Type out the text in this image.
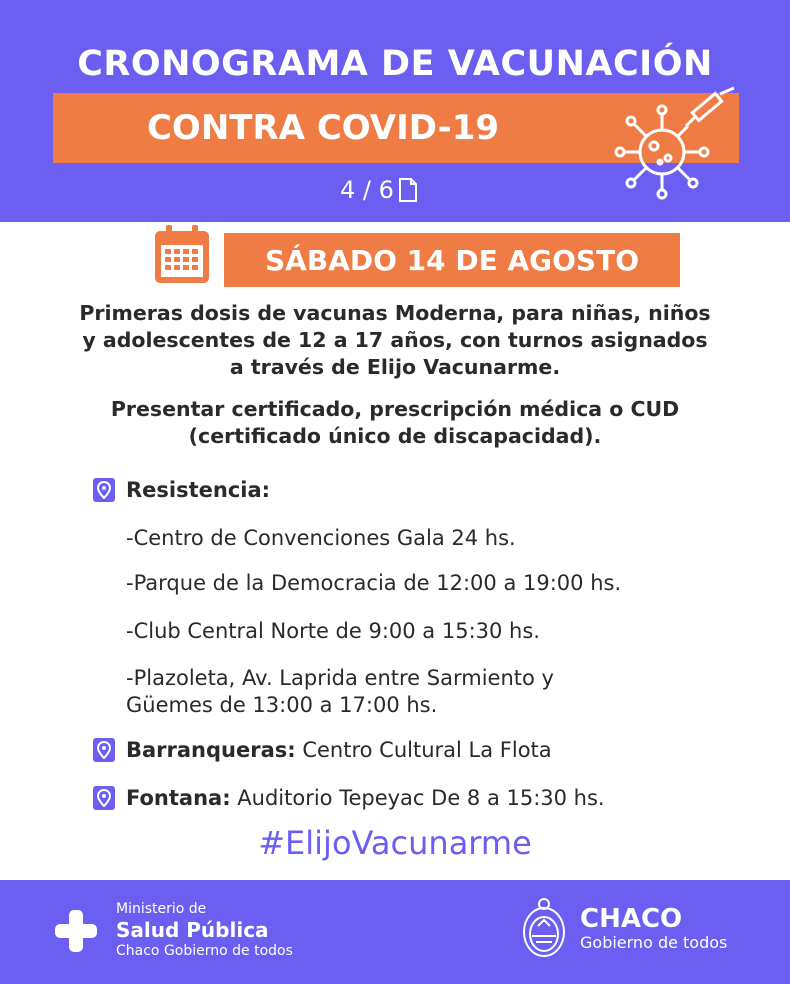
CRONOGRAMA DE VACUNACIÓN
CONTRA COVID-19
4 / 6
SÁBADO 14 DE AGOSTO
Primeras dosis de vacunas Moderna, para niñas, niños
y adolescentes de 12 a 17 años, con turnos asignados
a través de Elijo Vacunarme.
Presentar certificado, prescripción médica o CUD
(certificado único de discapacidad).
Resistencia:
-Centro de Convenciones Gala 24 hs.
-Parque de la Democracia de 12:00 a 19:00 hs.
-Club Central Norte de 9:00 a 15:30 hs.
-Plazoleta, Av. Laprida entre Sarmiento y
Güemes de 13:00 a 17:00 hs.
Barranqueras: Centro Cultural La Flota
Fontana: Auditorio Tepeyac De 8 a 15:30 hs.
#ElijoVacunarme
Ministerio de
Salud Pública
Chaco Gobierno de todos
CHACO
Gobierno de todos
